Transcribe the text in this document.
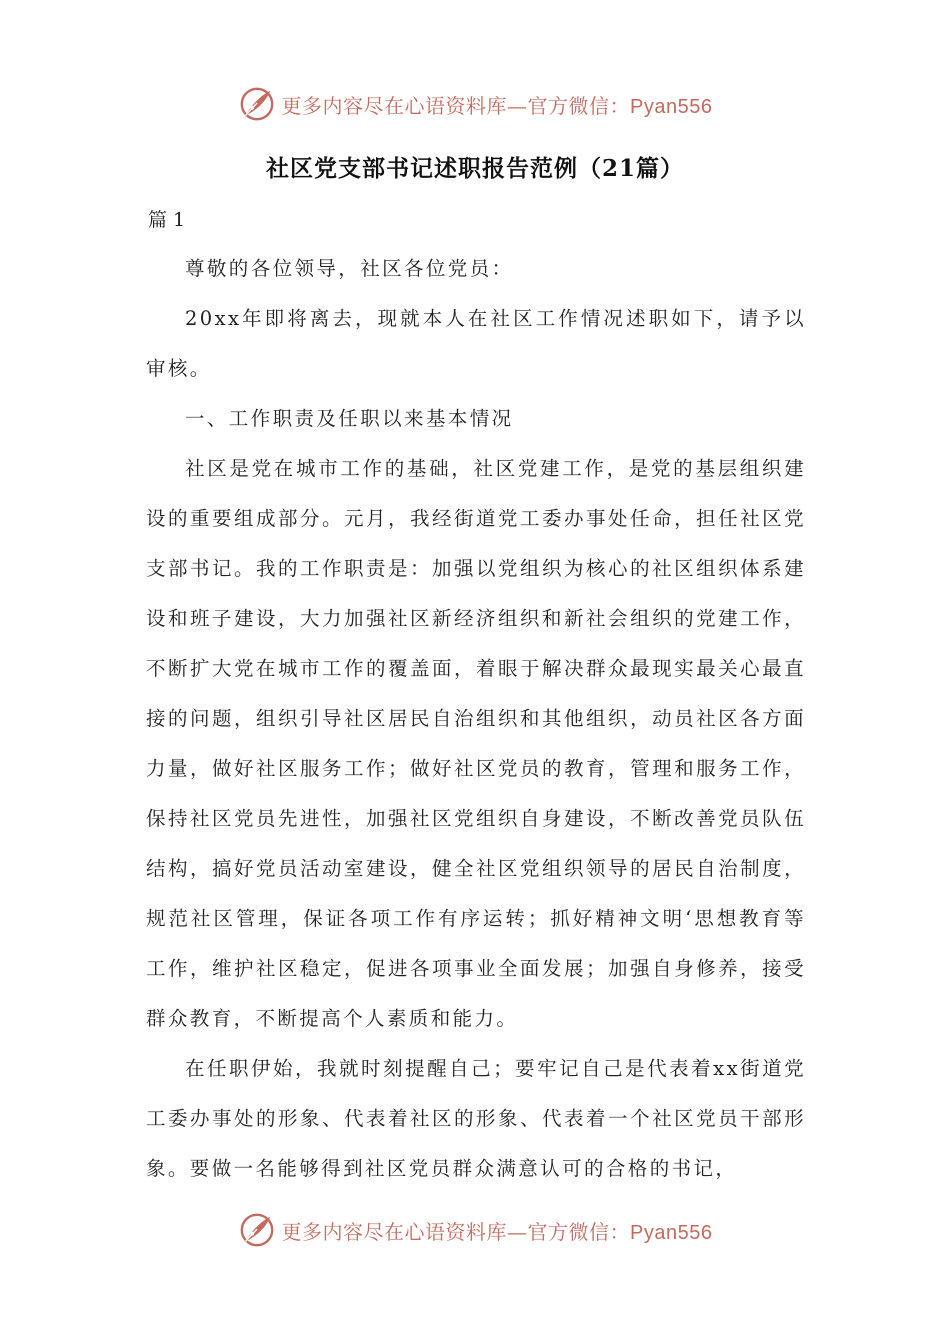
更多内容尽在心语资料库—官方微信：Pyan556
社区党支部书记述职报告范例（21篇）

篇 1

尊敬的各位领导，社区各位党员：

20xx年即将离去，现就本人在社区工作情况述职如下，请予以审核。

一、工作职责及任职以来基本情况

社区是党在城市工作的基础，社区党建工作，是党的基层组织建设的重要组成部分。元月，我经街道党工委办事处任命，担任社区党支部书记。我的工作职责是：加强以党组织为核心的社区组织体系建设和班子建设，大力加强社区新经济组织和新社会组织的党建工作，不断扩大党在城市工作的覆盖面，着眼于解决群众最现实最关心最直接的问题，组织引导社区居民自治组织和其他组织，动员社区各方面力量，做好社区服务工作；做好社区党员的教育，管理和服务工作，保持社区党员先进性，加强社区党组织自身建设，不断改善党员队伍结构，搞好党员活动室建设，健全社区党组织领导的居民自治制度，规范社区管理，保证各项工作有序运转；抓好精神文明‘思想教育等工作，维护社区稳定，促进各项事业全面发展；加强自身修养，接受群众教育，不断提高个人素质和能力。

在任职伊始，我就时刻提醒自己；要牢记自己是代表着xx街道党工委办事处的形象、代表着社区的形象、代表着一个社区党员干部形象。要做一名能够得到社区党员群众满意认可的合格的书记，

更多内容尽在心语资料库—官方微信：Pyan556
